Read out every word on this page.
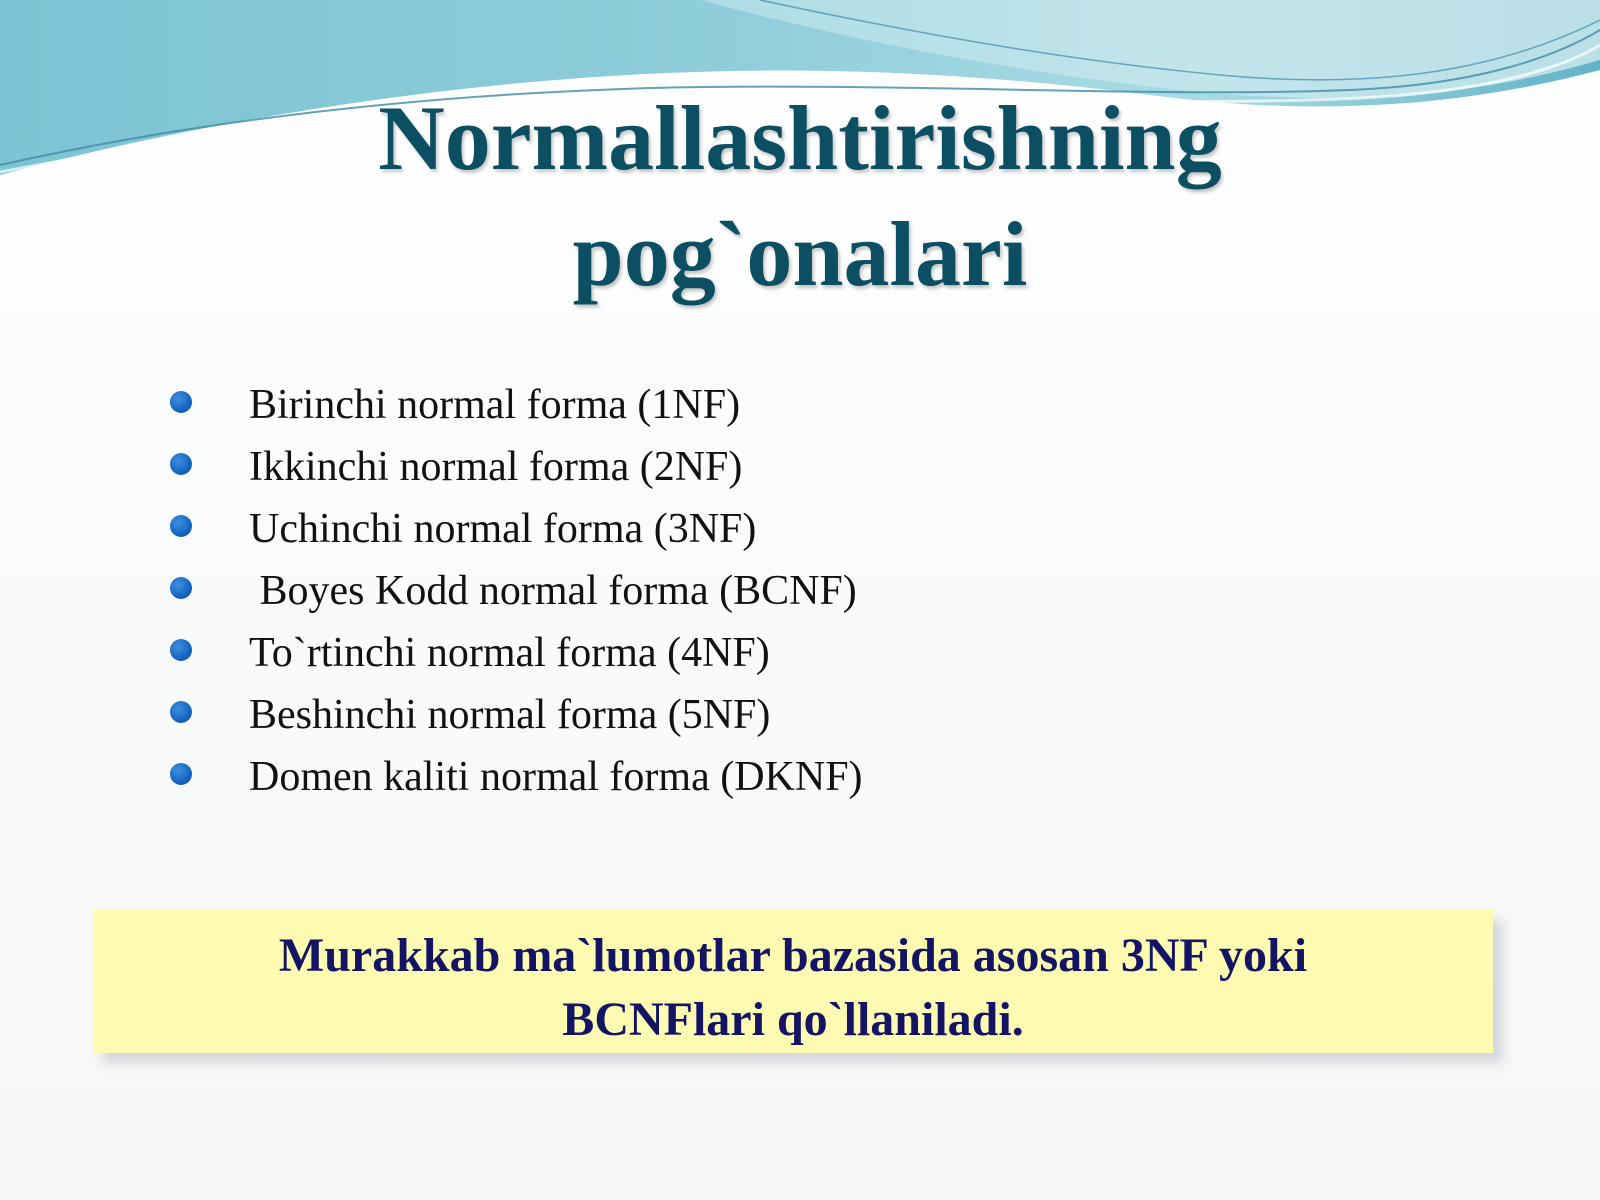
Normallashtirishning
pog`onalari
Birinchi normal forma (1NF)
Ikkinchi normal forma (2NF)
Uchinchi normal forma (3NF)
Boyes Kodd normal forma (BCNF)
To`rtinchi normal forma (4NF)
Beshinchi normal forma (5NF)
Domen kaliti normal forma (DKNF)

Murakkab ma`lumotlar bazasida asosan 3NF yoki
BCNFlari qo`llaniladi.
